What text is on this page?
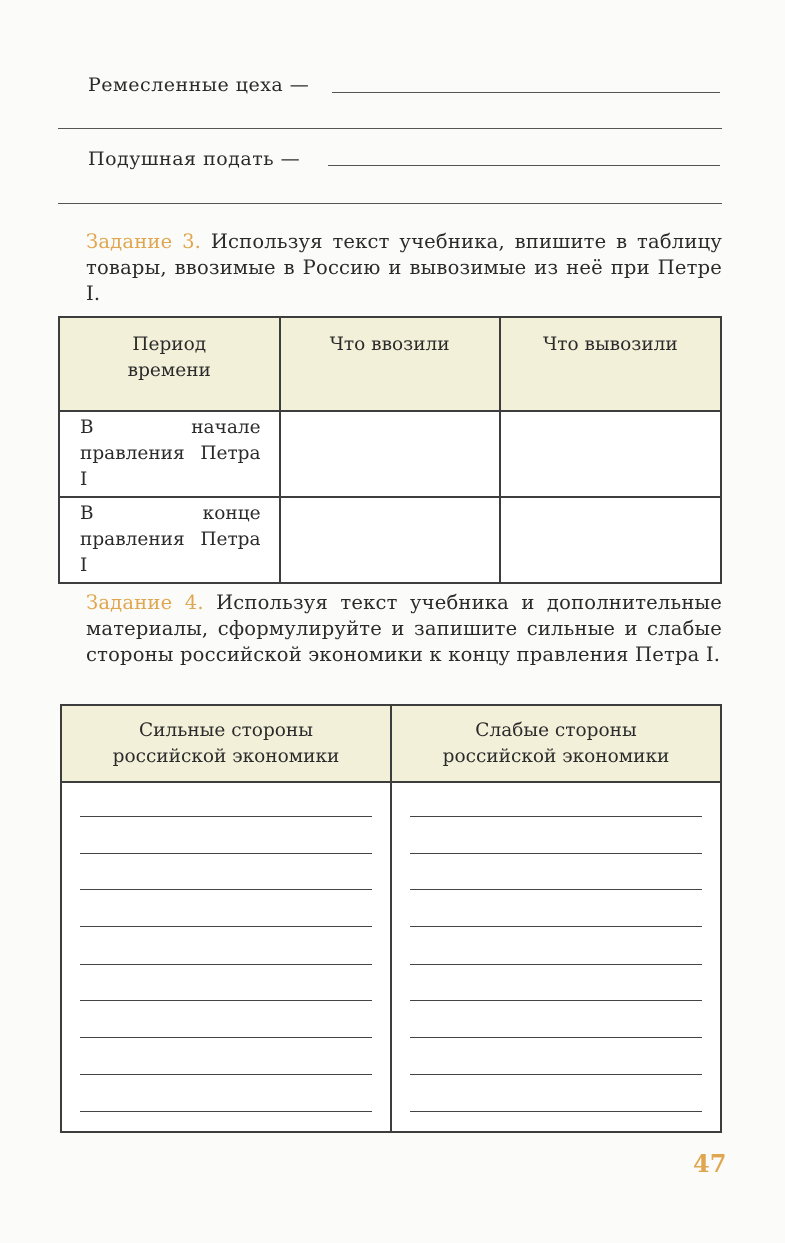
Ремесленные цеха —
Подушная подать —
Задание 3. Используя текст учебника, впишите в таблицу товары, ввозимые в Россию и вывозимые из неё при Петре I.
Период времени	Что ввозили	Что вывозили
В начале правления Петра I		
В конце правления Петра I		
Задание 4. Используя текст учебника и дополнительные материалы, сформулируйте и запишите сильные и слабые стороны российской экономики к концу правления Петра I.
Сильные стороны российской экономики	Слабые стороны российской экономики

47
